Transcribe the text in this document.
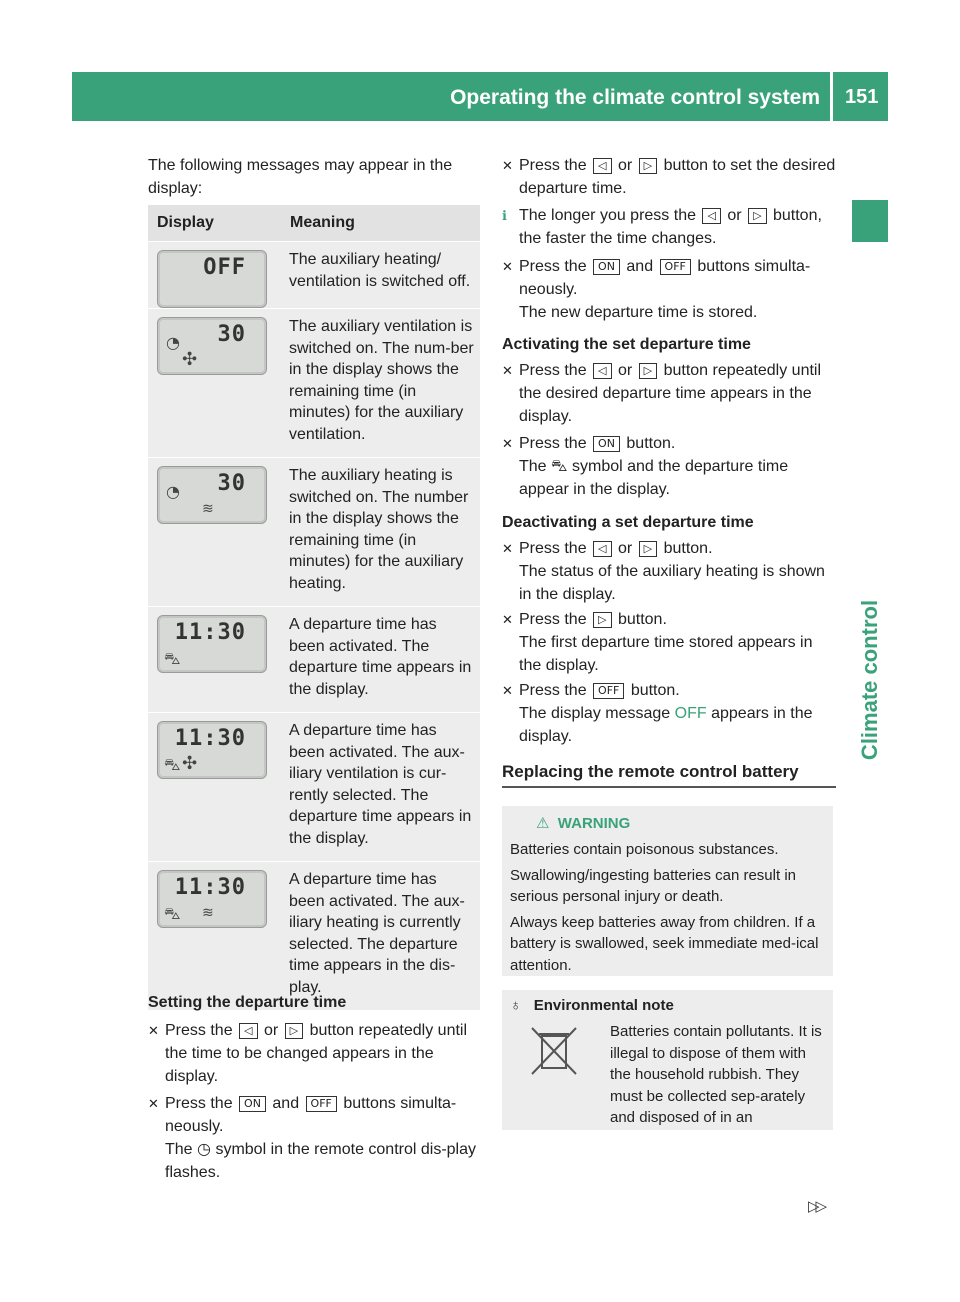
Operating the climate control system 151
Climate control

The following messages may appear in the display:

Display	Meaning

OFF	The auxiliary heating/ ventilation is switched off.

◔
✣
30	The auxiliary ventilation is switched on. The num-ber in the display shows the remaining time (in minutes) for the auxiliary ventilation.

◔
≋
30	The auxiliary heating is switched on. The number in the display shows the remaining time (in minutes) for the auxiliary heating.

⛍
11:30	A departure time has been activated. The departure time appears in the display.

⛍ ✣
11:30	A departure time has been activated. The aux-iliary ventilation is cur-rently selected. The departure time appears in the display.

⛍ ≋
11:30	A departure time has been activated. The aux-iliary heating is currently selected. The departure time appears in the dis-play.
Setting the departure time
✕ Press the ◁ or ▷ button repeatedly until the time to be changed appears in the display.
✕ Press the ON and OFF buttons simulta-neously.
The ◷ symbol in the remote control dis-play flashes.
✕ Press the ◁ or ▷ button to set the desired departure time.
ℹ The longer you press the ◁ or ▷ button, the faster the time changes.
✕ Press the ON and OFF buttons simulta-neously.
The new departure time is stored.
Activating the set departure time
✕ Press the ◁ or ▷ button repeatedly until the desired departure time appears in the display.
✕ Press the ON button.
The ⛍ symbol and the departure time appear in the display.
Deactivating a set departure time
✕ Press the ◁ or ▷ button.
The status of the auxiliary heating is shown in the display.
✕ Press the ▷ button.
The first departure time stored appears in the display.
✕ Press the OFF button.
The display message OFF appears in the display.
Replacing the remote control battery
⚠ WARNING

Batteries contain poisonous substances.

Swallowing/ingesting batteries can result in serious personal injury or death.

Always keep batteries away from children. If a battery is swallowed, seek immediate med-ical attention.

♁ Environmental note

Batteries contain pollutants. It is illegal to dispose of them with the household rubbish. They must be collected sep-arately and disposed of in an

▷▷
